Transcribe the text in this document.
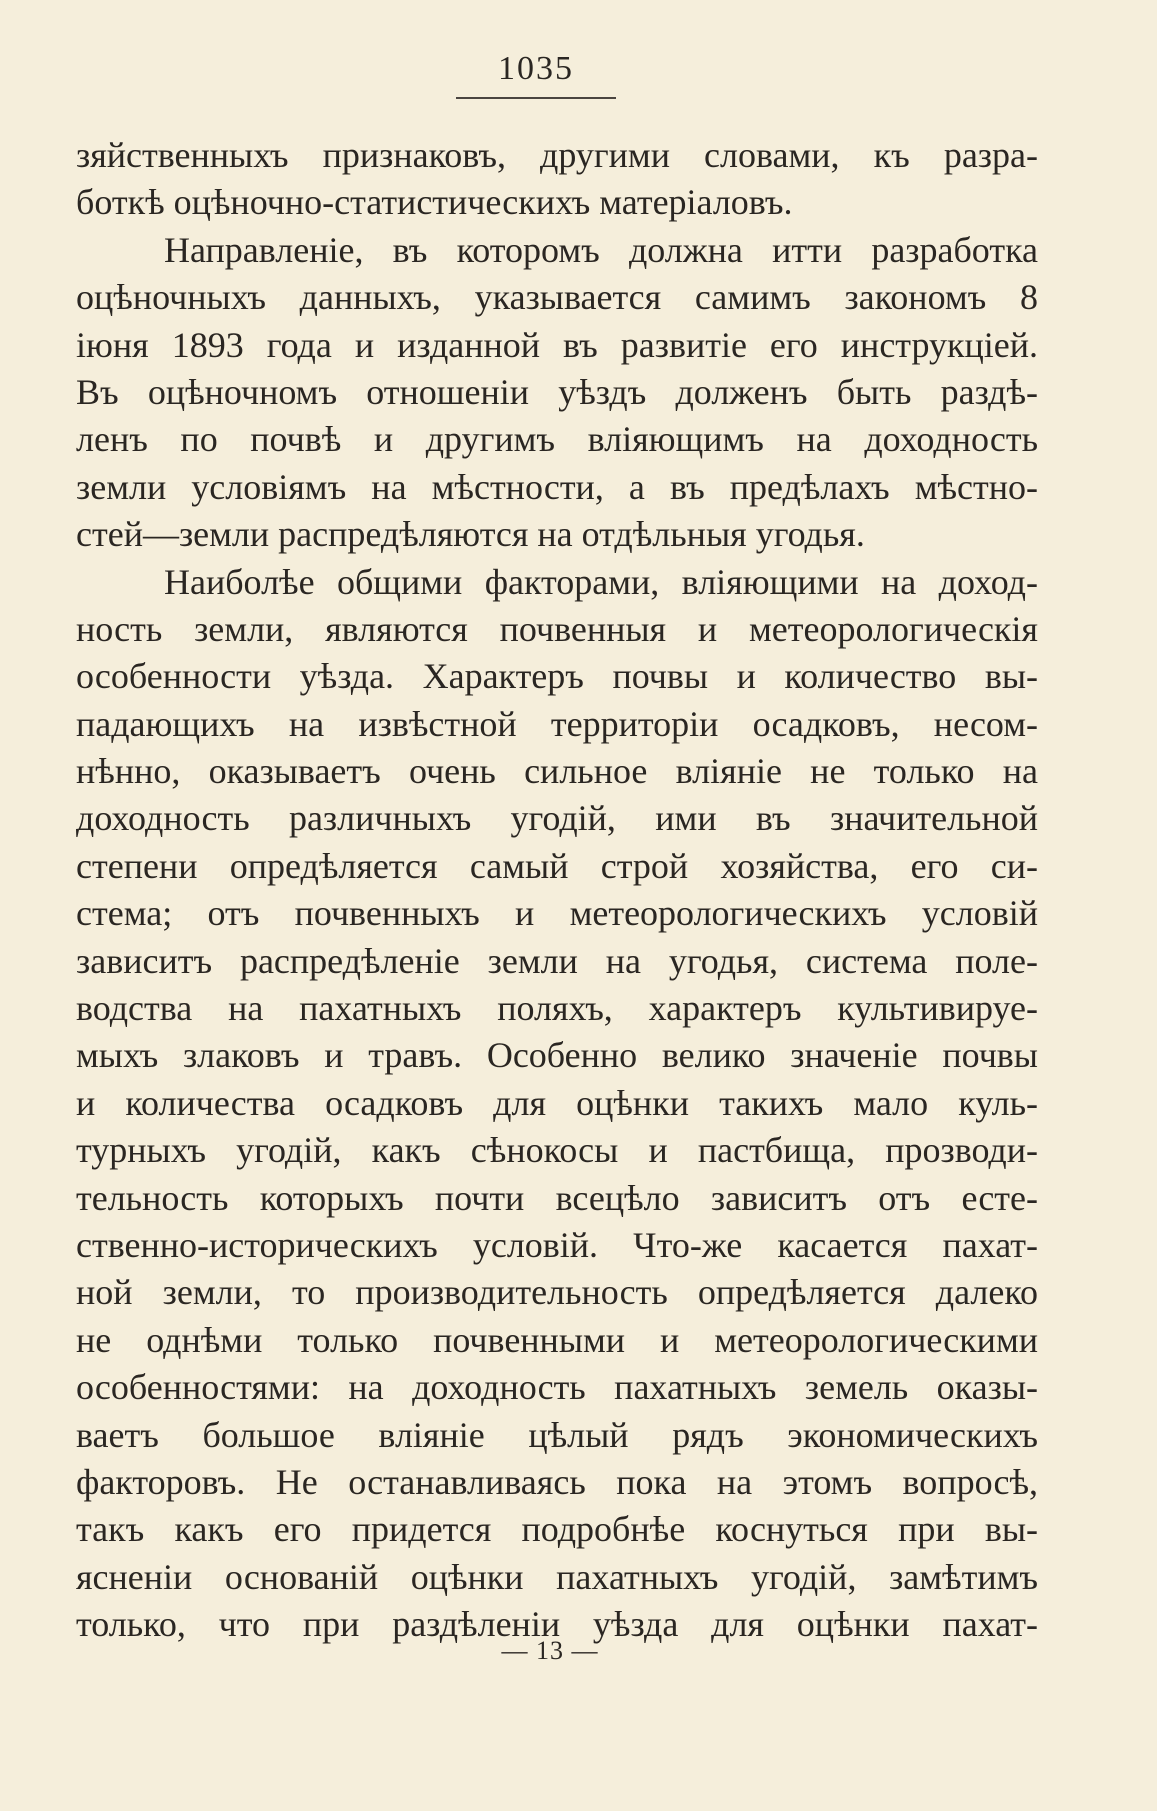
1035
зяйственныхъ признаковъ, другими словами, къ разра-
боткѣ оцѣночно-статистическихъ матеріаловъ.
Направленіе, въ которомъ должна итти разработка
оцѣночныхъ данныхъ, указывается самимъ закономъ 8
іюня 1893 года и изданной въ развитіе его инструкціей.
Въ оцѣночномъ отношеніи уѣздъ долженъ быть раздѣ-
ленъ по почвѣ и другимъ вліяющимъ на доходность
земли условіямъ на мѣстности, а въ предѣлахъ мѣстно-
стей—земли распредѣляются на отдѣльныя угодья.
Наиболѣе общими факторами, вліяющими на доход-
ность земли, являются почвенныя и метеорологическія
особенности уѣзда. Характеръ почвы и количество вы-
падающихъ на извѣстной территоріи осадковъ, несом-
нѣнно, оказываетъ очень сильное вліяніе не только на
доходность различныхъ угодій, ими въ значительной
степени опредѣляется самый строй хозяйства, его си-
стема; отъ почвенныхъ и метеорологическихъ условій
зависитъ распредѣленіе земли на угодья, система поле-
водства на пахатныхъ поляхъ, характеръ культивируе-
мыхъ злаковъ и травъ. Особенно велико значеніе почвы
и количества осадковъ для оцѣнки такихъ мало куль-
турныхъ угодій, какъ сѣнокосы и пастбища, прозводи-
тельность которыхъ почти всецѣло зависитъ отъ есте-
ственно-историческихъ условій. Что-же касается пахат-
ной земли, то производительность опредѣляется далеко
не однѣми только почвенными и метеорологическими
особенностями: на доходность пахатныхъ земель оказы-
ваетъ большое вліяніе цѣлый рядъ экономическихъ
факторовъ. Не останавливаясь пока на этомъ вопросѣ,
такъ какъ его придется подробнѣе коснуться при вы-
ясненіи основаній оцѣнки пахатныхъ угодій, замѣтимъ
только, что при раздѣленіи уѣзда для оцѣнки пахат-
— 13 —
